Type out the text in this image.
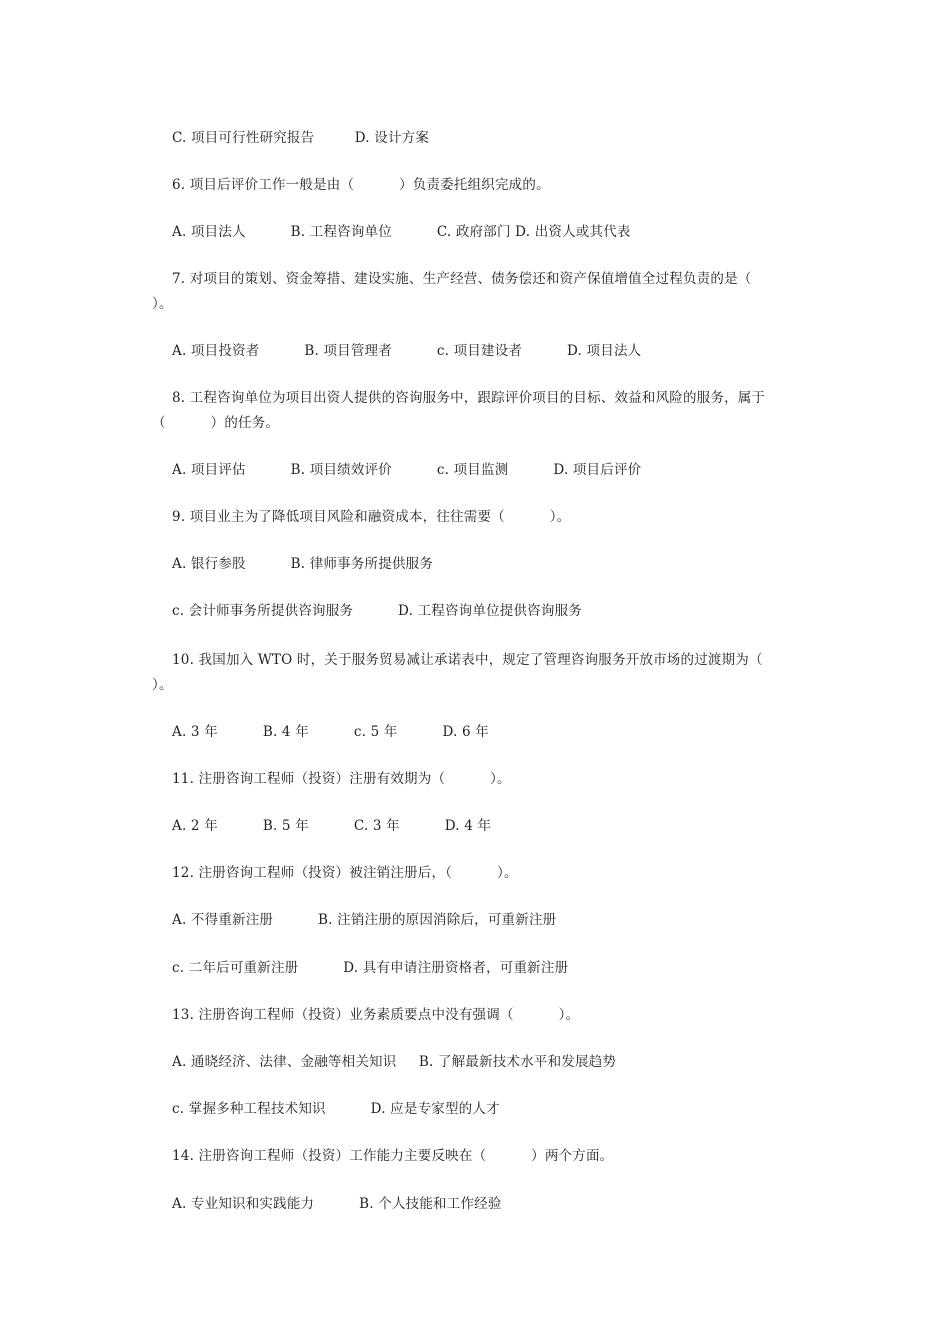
C. 项目可行性研究报告         D. 设计方案
6. 项目后评价工作一般是由（          ）负责委托组织完成的。
A. 项目法人          B. 工程咨询单位          C. 政府部门 D. 出资人或其代表
7. 对项目的策划、资金筹措、建设实施、生产经营、债务偿还和资产保值增值全过程负责的是（
）。
A. 项目投资者          B. 项目管理者          c. 项目建设者          D. 项目法人
8. 工程咨询单位为项目出资人提供的咨询服务中，跟踪评价项目的目标、效益和风险的服务，属于
（          ）的任务。
A. 项目评估          B. 项目绩效评价          c. 项目监测          D. 项目后评价
9. 项目业主为了降低项目风险和融资成本，往往需要（          ）。
A. 银行参股          B. 律师事务所提供服务
c. 会计师事务所提供咨询服务          D. 工程咨询单位提供咨询服务
10. 我国加入 WTO 时，关于服务贸易减让承诺表中，规定了管理咨询服务开放市场的过渡期为（
）。
A. 3 年          B. 4 年          c. 5 年          D. 6 年
11. 注册咨询工程师（投资）注册有效期为（          ）。
A. 2 年          B. 5 年          C. 3 年          D. 4 年
12. 注册咨询工程师（投资）被注销注册后，（          ）。
A. 不得重新注册          B. 注销注册的原因消除后，可重新注册
c. 二年后可重新注册          D. 具有申请注册资格者，可重新注册
13. 注册咨询工程师（投资）业务素质要点中没有强调（          ）。
A. 通晓经济、法律、金融等相关知识     B. 了解最新技术水平和发展趋势
c. 掌握多种工程技术知识          D. 应是专家型的人才
14. 注册咨询工程师（投资）工作能力主要反映在（          ）两个方面。
A. 专业知识和实践能力          B. 个人技能和工作经验
